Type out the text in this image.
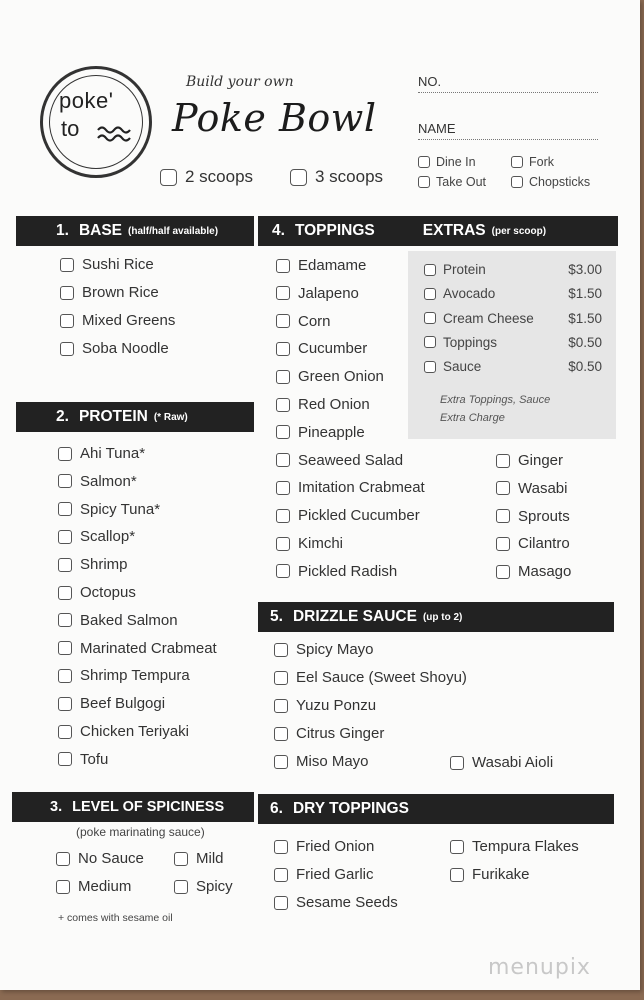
poke'
to
Build your own
Poke Bowl
2 scoops	3 scoops
NO.
NAME
Dine In
Take Out
Fork
Chopsticks
1. BASE (half/half available)
Sushi Rice
Brown Rice
Mixed Greens
Soba Noodle
2. PROTEIN (* Raw)
Ahi Tuna*
Salmon*
Spicy Tuna*
Scallop*
Shrimp
Octopus
Baked Salmon
Marinated Crabmeat
Shrimp Tempura
Beef Bulgogi
Chicken Teriyaki
Tofu
3. LEVEL OF SPICINESS
(poke marinating sauce)
No Sauce
Medium
Mild
Spicy
+ comes with sesame oil
4. TOPPINGS	EXTRAS (per scoop)
Protein	$3.00
Avocado	$1.50
Cream Cheese	$1.50
Toppings	$0.50
Sauce	$0.50
Extra Toppings, Sauce
Extra Charge
Edamame
Jalapeno
Corn
Cucumber
Green Onion
Red Onion
Pineapple
Seaweed Salad
Imitation Crabmeat
Pickled Cucumber
Kimchi
Pickled Radish
Ginger
Wasabi
Sprouts
Cilantro
Masago
5. DRIZZLE SAUCE (up to 2)
Spicy Mayo
Eel Sauce (Sweet Shoyu)
Yuzu Ponzu
Citrus Ginger
Miso Mayo	Wasabi Aioli
6. DRY TOPPINGS
Fried Onion
Fried Garlic
Sesame Seeds
Tempura Flakes
Furikake
menupix
